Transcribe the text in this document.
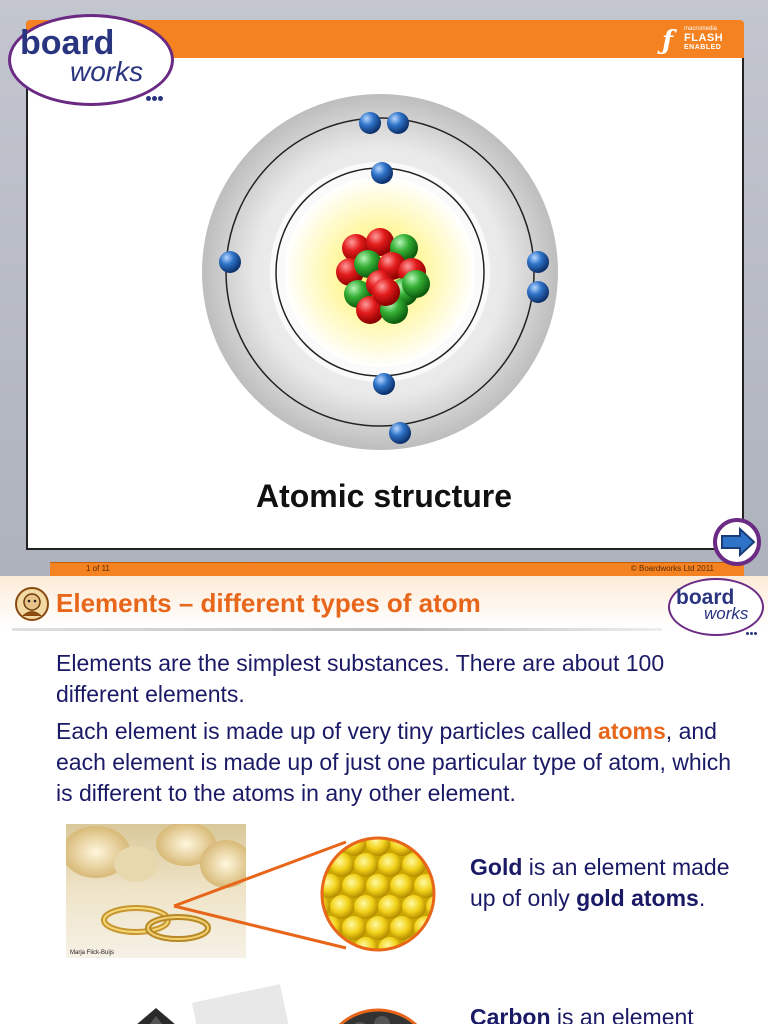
ƒ macromedia
FLASH
ENABLED
board
works
Atomic structure
1 of 11	© Boardworks Ltd 2011
Elements – different types of atom	board
works
Elements are the simplest substances. There are about 100 different elements.
Each element is made up of very tiny particles called atoms, and each element is made up of just one particular type of atom, which is different to the atoms in any other element.
Marja Flick-Buijs
Gold is an element made up of only gold atoms.
Carbon is an element
